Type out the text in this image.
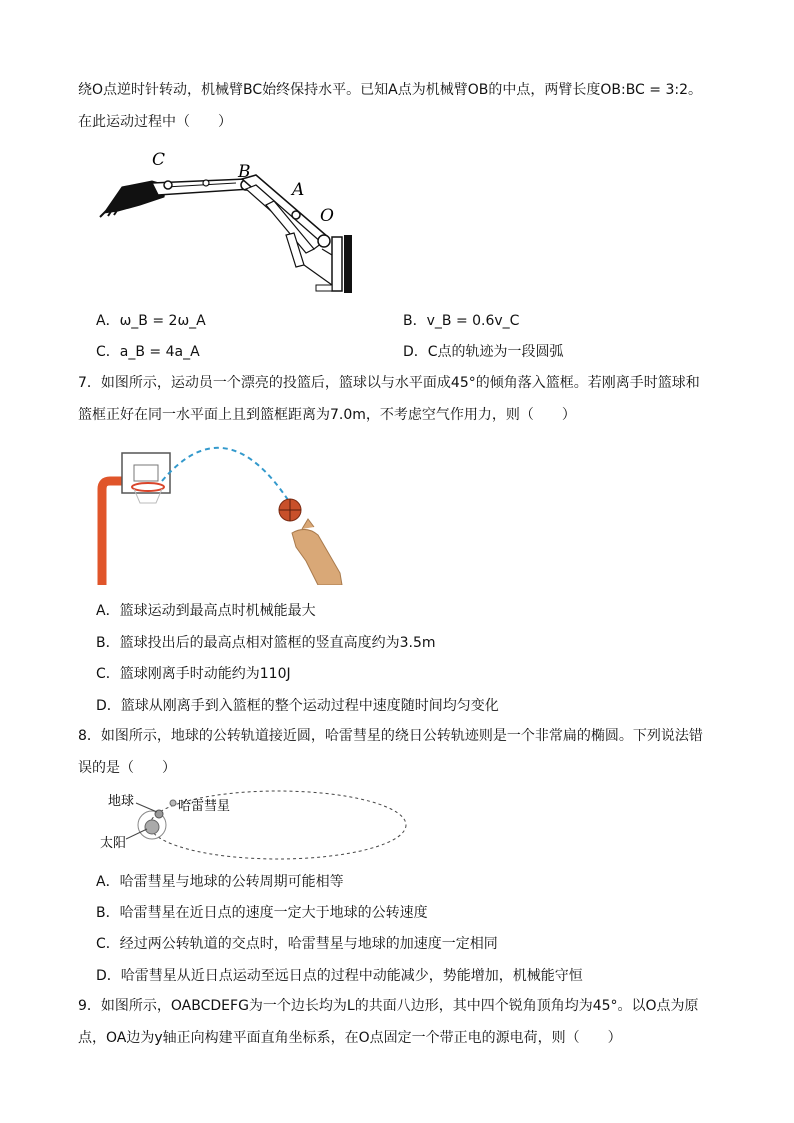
绕O点逆时针转动，机械臂BC始终保持水平。已知A点为机械臂OB的中点，两臂长度OB:BC = 3:2。
在此运动过程中（　　）
C
B
A
O
A．ω_B = 2ω_A	B．v_B = 0.6v_C
C．a_B = 4a_A	D．C点的轨迹为一段圆弧
7．如图所示，运动员一个漂亮的投篮后，篮球以与水平面成45°的倾角落入篮框。若刚离手时篮球和
篮框正好在同一水平面上且到篮框距离为7.0m，不考虑空气作用力，则（　　）
A．篮球运动到最高点时机械能最大
B．篮球投出后的最高点相对篮框的竖直高度约为3.5m
C．篮球刚离手时动能约为110J
D．篮球从刚离手到入篮框的整个运动过程中速度随时间均匀变化
8．如图所示，地球的公转轨道接近圆，哈雷彗星的绕日公转轨迹则是一个非常扁的椭圆。下列说法错
误的是（　　）
地球	哈雷彗星
太阳
A．哈雷彗星与地球的公转周期可能相等
B．哈雷彗星在近日点的速度一定大于地球的公转速度
C．经过两公转轨道的交点时，哈雷彗星与地球的加速度一定相同
D．哈雷彗星从近日点运动至远日点的过程中动能减少，势能增加，机械能守恒
9．如图所示，OABCDEFG为一个边长均为L的共面八边形，其中四个锐角顶角均为45°。以O点为原
点，OA边为y轴正向构建平面直角坐标系，在O点固定一个带正电的源电荷，则（　　）
